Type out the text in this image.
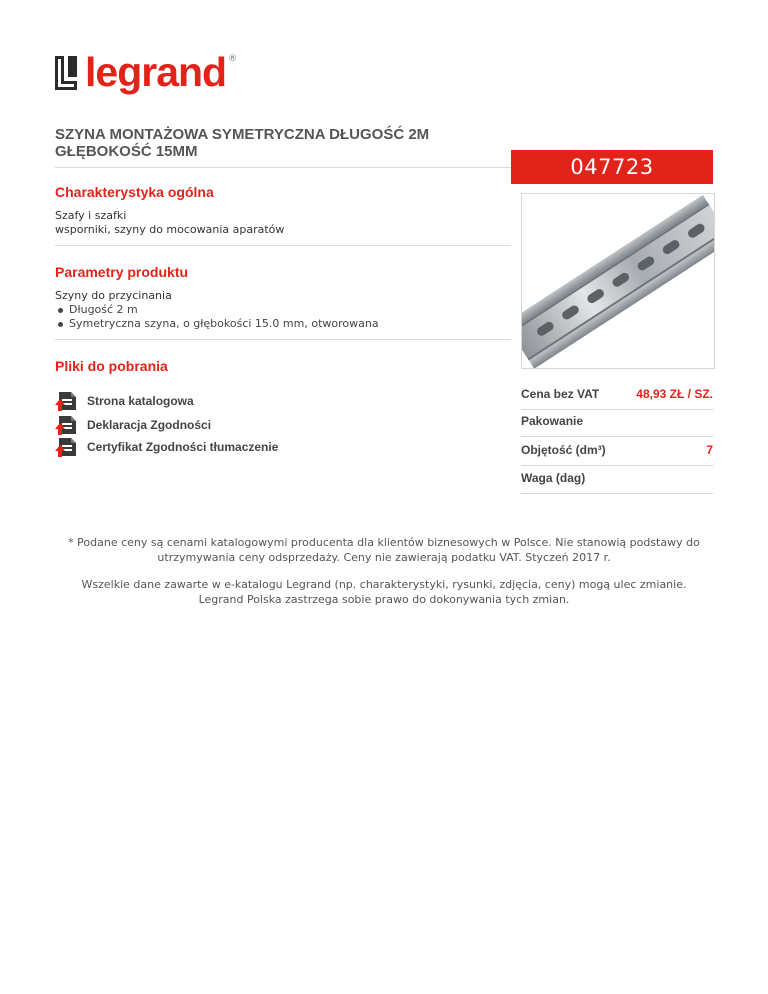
legrand ®
SZYNA MONTAŻOWA SYMETRYCZNA DŁUGOŚĆ 2M GŁĘBOKOŚĆ 15MM
047723
Charakterystyka ogólna
Szafy i szafki
wsporniki, szyny do mocowania aparatów
Parametry produktu
Szyny do przycinania
Długość 2 m
Symetryczna szyna, o głębokości 15.0 mm, otworowana
Pliki do pobrania
Strona katalogowa
Deklaracja Zgodności
Certyfikat Zgodności tłumaczenie
Cena bez VAT	48,93 ZŁ / SZ.
Pakowanie
Objętość (dm³)	7
Waga (dag)
* Podane ceny są cenami katalogowymi producenta dla klientów biznesowych w Polsce. Nie stanowią podstawy do utrzymywania ceny odsprzedaży. Ceny nie zawierają podatku VAT. Styczeń 2017 r.
Wszelkie dane zawarte w e-katalogu Legrand (np. charakterystyki, rysunki, zdjęcia, ceny) mogą ulec zmianie. Legrand Polska zastrzega sobie prawo do dokonywania tych zmian.
